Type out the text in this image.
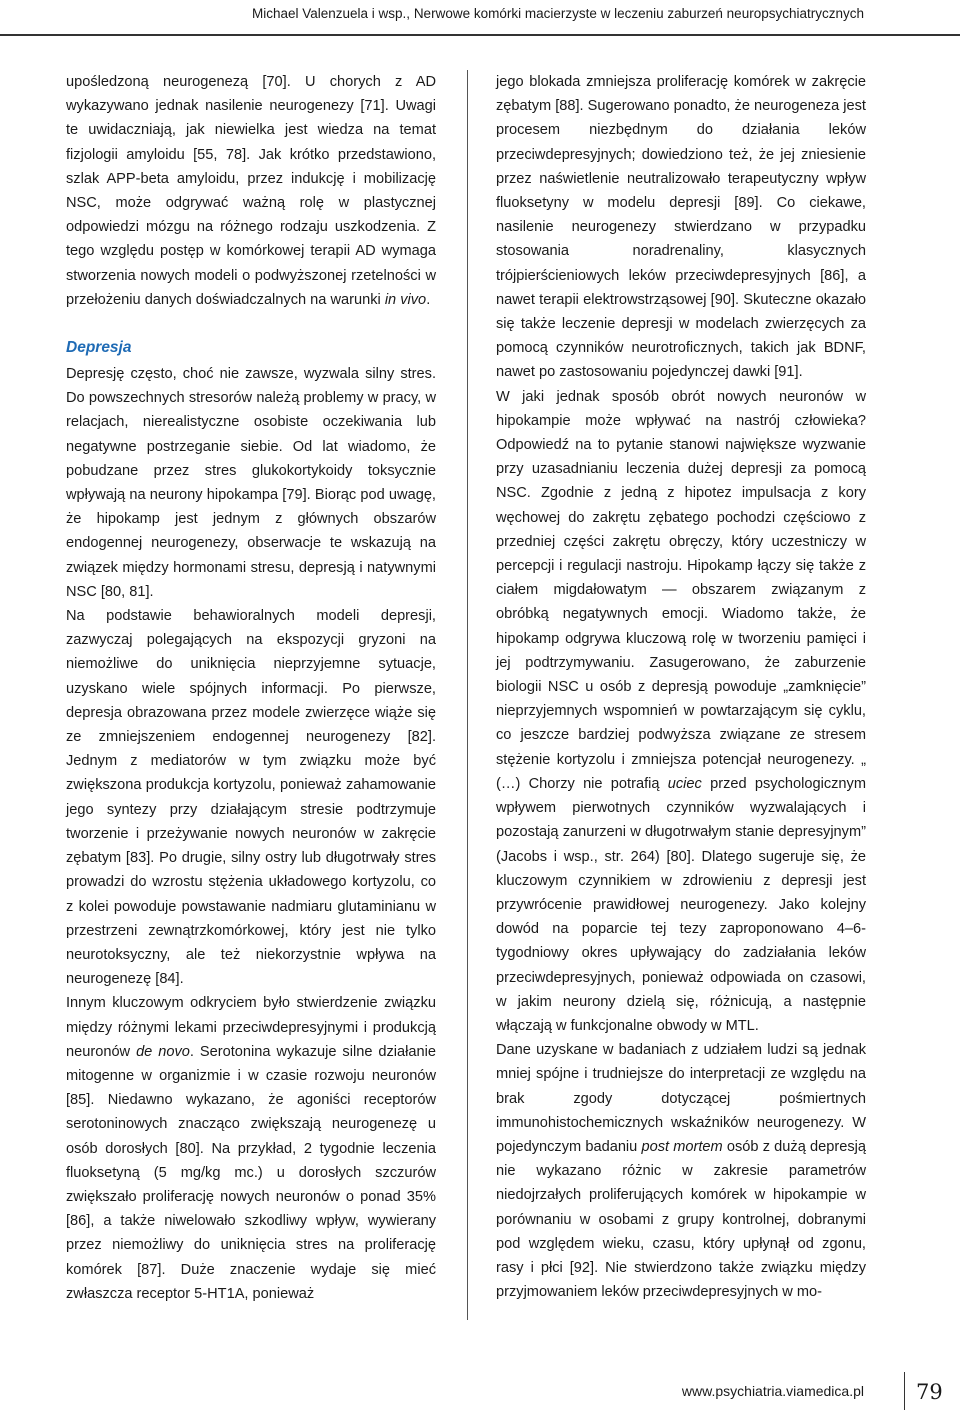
Michael Valenzuela i wsp., Nerwowe komórki macierzyste w leczeniu zaburzeń neuropsychiatrycznych

upośledzoną neurogenezą [70]. U chorych z AD wykazywano jednak nasilenie neurogenezy [71]. Uwagi te uwidaczniają, jak niewielka jest wiedza na temat fizjologii amyloidu [55, 78]. Jak krótko przedstawiono, szlak APP-beta amyloidu, przez indukcję i mobilizację NSC, może odgrywać ważną rolę w plastycznej odpowiedzi mózgu na różnego rodzaju uszkodzenia. Z tego względu postęp w komórkowej terapii AD wymaga stworzenia nowych modeli o podwyższonej rzetelności w przełożeniu danych doświadczalnych na warunki in vivo.

Depresja

Depresję często, choć nie zawsze, wyzwala silny stres. Do powszechnych stresorów należą problemy w pracy, w relacjach, nierealistyczne osobiste oczekiwania lub negatywne postrzeganie siebie. Od lat wiadomo, że pobudzane przez stres glukokortykoidy toksycznie wpływają na neurony hipokampa [79]. Biorąc pod uwagę, że hipokamp jest jednym z głównych obszarów endogennej neurogenezy, obserwacje te wskazują na związek między hormonami stresu, depresją i natywnymi NSC [80, 81].

Na podstawie behawioralnych modeli depresji, zazwyczaj polegających na ekspozycji gryzoni na niemożliwe do uniknięcia nieprzyjemne sytuacje, uzyskano wiele spójnych informacji. Po pierwsze, depresja obrazowana przez modele zwierzęce wiąże się ze zmniejszeniem endogennej neurogenezy [82]. Jednym z mediatorów w tym związku może być zwiększona produkcja kortyzolu, ponieważ zahamowanie jego syntezy przy działającym stresie podtrzymuje tworzenie i przeżywanie nowych neuronów w zakręcie zębatym [83]. Po drugie, silny ostry lub długotrwały stres prowadzi do wzrostu stężenia układowego kortyzolu, co z kolei powoduje powstawanie nadmiaru glutaminianu w przestrzeni zewnątrzkomórkowej, który jest nie tylko neurotoksyczny, ale też niekorzystnie wpływa na neurogenezę [84].

Innym kluczowym odkryciem było stwierdzenie związku między różnymi lekami przeciwdepresyjnymi i produkcją neuronów de novo. Serotonina wykazuje silne działanie mitogenne w organizmie i w czasie rozwoju neuronów [85]. Niedawno wykazano, że agoniści receptorów serotoninowych znacząco zwiększają neurogenezę u osób dorosłych [80]. Na przykład, 2 tygodnie leczenia fluoksetyną (5 mg/kg mc.) u dorosłych szczurów zwiększało proliferację nowych neuronów o ponad 35% [86], a także niwelowało szkodliwy wpływ, wywierany przez niemożliwy do uniknięcia stres na proliferację komórek [87]. Duże znaczenie wydaje się mieć zwłaszcza receptor 5-HT1A, ponieważ

jego blokada zmniejsza proliferację komórek w zakręcie zębatym [88]. Sugerowano ponadto, że neurogeneza jest procesem niezbędnym do działania leków przeciwdepresyjnych; dowiedziono też, że jej zniesienie przez naświetlenie neutralizowało terapeutyczny wpływ fluoksetyny w modelu depresji [89]. Co ciekawe, nasilenie neurogenezy stwierdzano w przypadku stosowania noradrenaliny, klasycznych trójpierścieniowych leków przeciwdepresyjnych [86], a nawet terapii elektrowstrząsowej [90]. Skuteczne okazało się także leczenie depresji w modelach zwierzęcych za pomocą czynników neurotroficznych, takich jak BDNF, nawet po zastosowaniu pojedynczej dawki [91].

W jaki jednak sposób obrót nowych neuronów w hipokampie może wpływać na nastrój człowieka? Odpowiedź na to pytanie stanowi największe wyzwanie przy uzasadnianiu leczenia dużej depresji za pomocą NSC. Zgodnie z jedną z hipotez impulsacja z kory węchowej do zakrętu zębatego pochodzi częściowo z przedniej części zakrętu obręczy, który uczestniczy w percepcji i regulacji nastroju. Hipokamp łączy się także z ciałem migdałowatym — obszarem związanym z obróbką negatywnych emocji. Wiadomo także, że hipokamp odgrywa kluczową rolę w tworzeniu pamięci i jej podtrzymywaniu. Zasugerowano, że zaburzenie biologii NSC u osób z depresją powoduje „zamknięcie” nieprzyjemnych wspomnień w powtarzającym się cyklu, co jeszcze bardziej podwyższa związane ze stresem stężenie kortyzolu i zmniejsza potencjał neurogenezy. „ (…) Chorzy nie potrafią uciec przed psychologicznym wpływem pierwotnych czynników wyzwalających i pozostają zanurzeni w długotrwałym stanie depresyjnym” (Jacobs i wsp., str. 264) [80]. Dlatego sugeruje się, że kluczowym czynnikiem w zdrowieniu z depresji jest przywrócenie prawidłowej neurogenezy. Jako kolejny dowód na poparcie tej tezy zaproponowano 4–6-tygodniowy okres upływający do zadziałania leków przeciwdepresyjnych, ponieważ odpowiada on czasowi, w jakim neurony dzielą się, różnicują, a następnie włączają w funkcjonalne obwody w MTL.

Dane uzyskane w badaniach z udziałem ludzi są jednak mniej spójne i trudniejsze do interpretacji ze względu na brak zgody dotyczącej pośmiertnych immunohistochemicznych wskaźników neurogenezy. W pojedynczym badaniu post mortem osób z dużą depresją nie wykazano różnic w zakresie parametrów niedojrzałych proliferujących komórek w hipokampie w porównaniu w osobami z grupy kontrolnej, dobranymi pod względem wieku, czasu, który upłynął od zgonu, rasy i płci [92]. Nie stwierdzono także związku między przyjmowaniem leków przeciwdepresyjnych w mo-

www.psychiatria.viamedica.pl 79
